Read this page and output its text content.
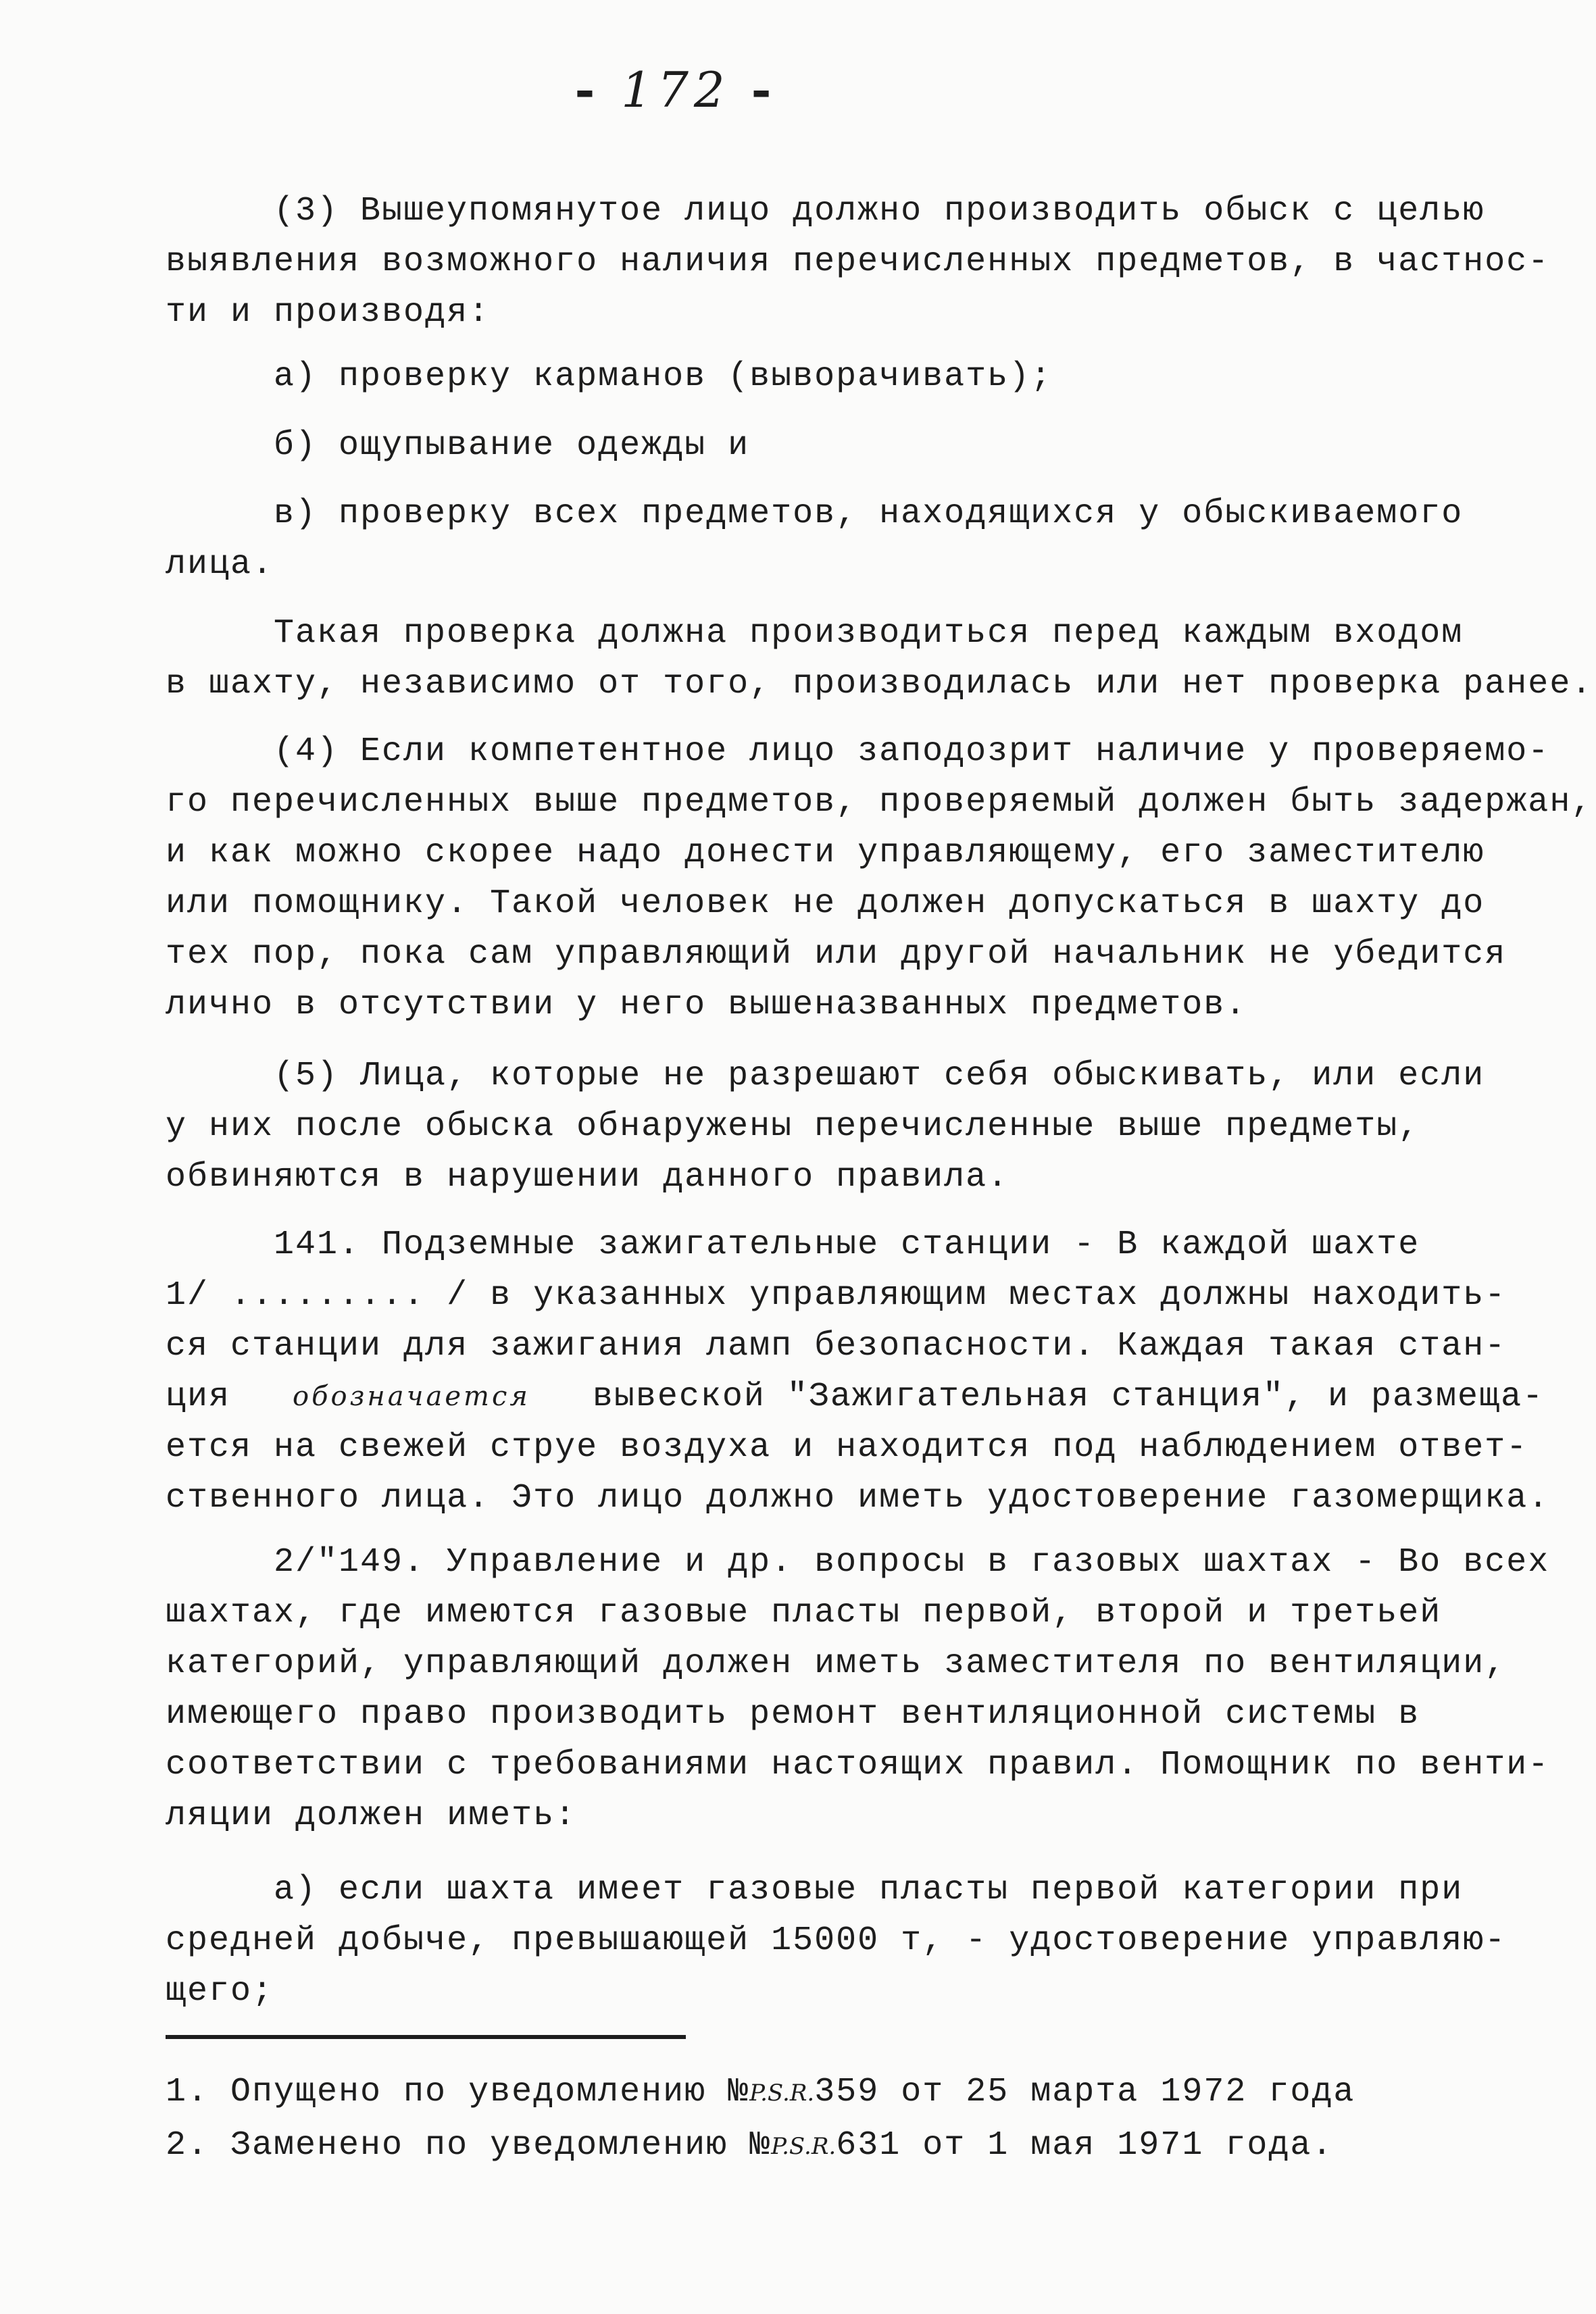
- 172 -
(3) Вышеупомянутое лицо должно производить обыск с целью
выявления возможного наличия перечисленных предметов, в частнос-
ти и производя:
а) проверку карманов (выворачивать);
б) ощупывание одежды и
в) проверку всех предметов, находящихся у обыскиваемого
лица.
Такая проверка должна производиться перед каждым входом
в шахту, независимо от того, производилась или нет проверка ранее.
(4) Если компетентное лицо заподозрит наличие у проверяемо-
го перечисленных выше предметов, проверяемый должен быть задержан,
и как можно скорее надо донести управляющему, его заместителю
или помощнику. Такой человек не должен допускаться в шахту до
тех пор, пока сам управляющий или другой начальник не убедится
лично в отсутствии у него вышеназванных предметов.
(5) Лица, которые не разрешают себя обыскивать, или если
у них после обыска обнаружены перечисленные выше предметы,
обвиняются в нарушении данного правила.
141. Подземные зажигательные станции - В каждой шахте
1/ ......... / в указанных управляющим местах должны находить-
ся станции для зажигания ламп безопасности. Каждая такая стан-
ция обозначается вывеской "Зажигательная станция", и размеща-
ется на свежей струе воздуха и находится под наблюдением ответ-
ственного лица. Это лицо должно иметь удостоверение газомерщика.
2/"149. Управление и др. вопросы в газовых шахтах - Во всех
шахтах, где имеются газовые пласты первой, второй и третьей
категорий, управляющий должен иметь заместителя по вентиляции,
имеющего право производить ремонт вентиляционной системы в
соответствии с требованиями настоящих правил. Помощник по венти-
ляции должен иметь:
а) если шахта имеет газовые пласты первой категории при
средней добыче, превышающей 15000 т, - удостоверение управляю-
щего;
1. Опущено по уведомлению №P.S.R.359 от 25 марта 1972 года
2. Заменено по уведомлению №P.S.R.631 от 1 мая 1971 года.
